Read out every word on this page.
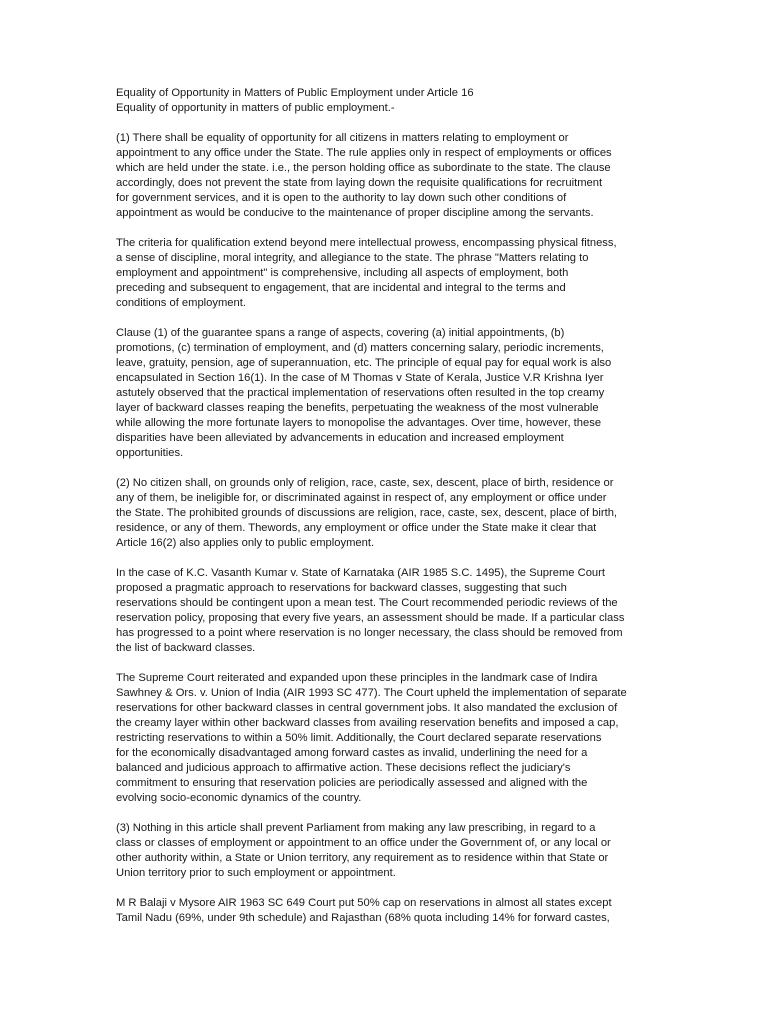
Equality of Opportunity in Matters of Public Employment under Article 16
Equality of opportunity in matters of public employment.-

(1) There shall be equality of opportunity for all citizens in matters relating to employment or
appointment to any office under the State. The rule applies only in respect of employments or offices
which are held under the state. i.e., the person holding office as subordinate to the state. The clause
accordingly, does not prevent the state from laying down the requisite qualifications for recruitment
for government services, and it is open to the authority to lay down such other conditions of
appointment as would be conducive to the maintenance of proper discipline among the servants.

The criteria for qualification extend beyond mere intellectual prowess, encompassing physical fitness,
a sense of discipline, moral integrity, and allegiance to the state. The phrase "Matters relating to
employment and appointment" is comprehensive, including all aspects of employment, both
preceding and subsequent to engagement, that are incidental and integral to the terms and
conditions of employment.

Clause (1) of the guarantee spans a range of aspects, covering (a) initial appointments, (b)
promotions, (c) termination of employment, and (d) matters concerning salary, periodic increments,
leave, gratuity, pension, age of superannuation, etc. The principle of equal pay for equal work is also
encapsulated in Section 16(1). In the case of M Thomas v State of Kerala, Justice V.R Krishna Iyer
astutely observed that the practical implementation of reservations often resulted in the top creamy
layer of backward classes reaping the benefits, perpetuating the weakness of the most vulnerable
while allowing the more fortunate layers to monopolise the advantages. Over time, however, these
disparities have been alleviated by advancements in education and increased employment
opportunities.

(2) No citizen shall, on grounds only of religion, race, caste, sex, descent, place of birth, residence or
any of them, be ineligible for, or discriminated against in respect of, any employment or office under
the State. The prohibited grounds of discussions are religion, race, caste, sex, descent, place of birth,
residence, or any of them. Thewords, any employment or office under the State make it clear that
Article 16(2) also applies only to public employment.

In the case of K.C. Vasanth Kumar v. State of Karnataka (AIR 1985 S.C. 1495), the Supreme Court
proposed a pragmatic approach to reservations for backward classes, suggesting that such
reservations should be contingent upon a mean test. The Court recommended periodic reviews of the
reservation policy, proposing that every five years, an assessment should be made. If a particular class
has progressed to a point where reservation is no longer necessary, the class should be removed from
the list of backward classes.

The Supreme Court reiterated and expanded upon these principles in the landmark case of Indira
Sawhney & Ors. v. Union of India (AIR 1993 SC 477). The Court upheld the implementation of separate
reservations for other backward classes in central government jobs. It also mandated the exclusion of
the creamy layer within other backward classes from availing reservation benefits and imposed a cap,
restricting reservations to within a 50% limit. Additionally, the Court declared separate reservations
for the economically disadvantaged among forward castes as invalid, underlining the need for a
balanced and judicious approach to affirmative action. These decisions reflect the judiciary's
commitment to ensuring that reservation policies are periodically assessed and aligned with the
evolving socio-economic dynamics of the country.

(3) Nothing in this article shall prevent Parliament from making any law prescribing, in regard to a
class or classes of employment or appointment to an office under the Government of, or any local or
other authority within, a State or Union territory, any requirement as to residence within that State or
Union territory prior to such employment or appointment.

M R Balaji v Mysore AIR 1963 SC 649 Court put 50% cap on reservations in almost all states except
Tamil Nadu (69%, under 9th schedule) and Rajasthan (68% quota including 14% for forward castes,
